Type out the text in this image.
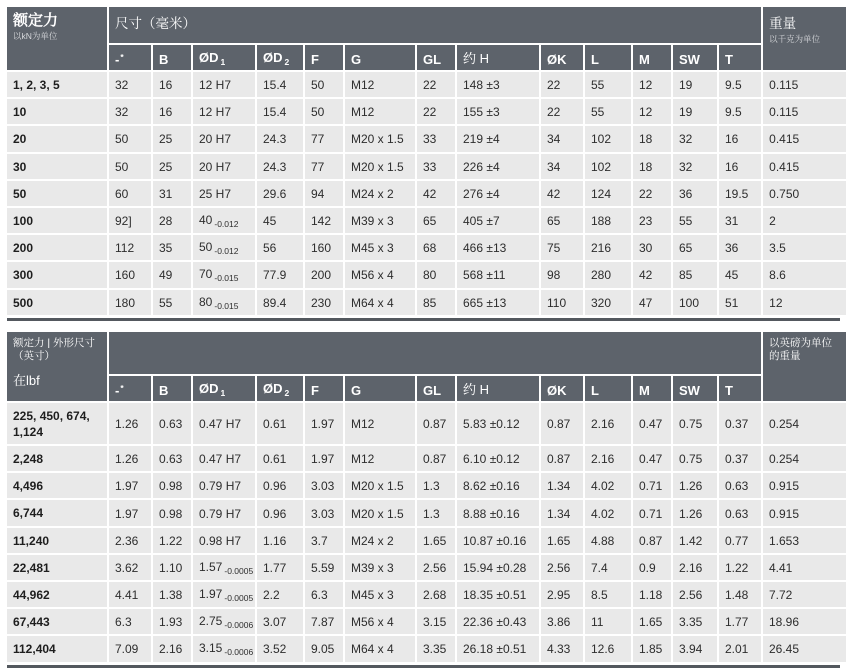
额定力
以kN为单位

尺寸（毫米）	重量
以千克为单位

	-*	B	ØD $_1$	ØD $_2$	F	G	GL	约 H	ØK	L	M	SW	T	
1, 2, 3, 5	32	16	12 H7	15.4	50	M12	22	148 ±3	22	55	12	19	9.5	0.115
10	32	16	12 H7	15.4	50	M12	22	155 ±3	22	55	12	19	9.5	0.115
20	50	25	20 H7	24.3	77	M20 x 1.5	33	219 ±4	34	102	18	32	16	0.415
30	50	25	20 H7	24.3	77	M20 x 1.5	33	226 ±4	34	102	18	32	16	0.415
50	60	31	25 H7	29.6	94	M24 x 2	42	276 ±4	42	124	22	36	19.5	0.750
100	92]	28	40 $_{-0.012}$	45	142	M39 x 3	65	405 ±7	65	188	23	55	31	2
200	112	35	50 $_{-0.012}$	56	160	M45 x 3	68	466 ±13	75	216	30	65	36	3.5
300	160	49	70 $_{-0.015}$	77.9	200	M56 x 4	80	568 ±11	98	280	42	85	45	8.6
500	180	55	80 $_{-0.015}$	89.4	230	M64 x 4	85	665 ±13	110	320	47	100	51	12
额定力 | 外形尺寸（英寸）
在lbf														以英磅为单位的重量

	-*	B	ØD $_1$	ØD $_2$	F	G	GL	约 H	ØK	L	M	SW	T	
225, 450, 674, 1,124	1.26	0.63	0.47 H7	0.61	1.97	M12	0.87	5.83 ±0.12	0.87	2.16	0.47	0.75	0.37	0.254
2,248	1.26	0.63	0.47 H7	0.61	1.97	M12	0.87	6.10 ±0.12	0.87	2.16	0.47	0.75	0.37	0.254
4,496	1.97	0.98	0.79 H7	0.96	3.03	M20 x 1.5	1.3	8.62 ±0.16	1.34	4.02	0.71	1.26	0.63	0.915
6,744	1.97	0.98	0.79 H7	0.96	3.03	M20 x 1.5	1.3	8.88 ±0.16	1.34	4.02	0.71	1.26	0.63	0.915
11,240	2.36	1.22	0.98 H7	1.16	3.7	M24 x 2	1.65	10.87 ±0.16	1.65	4.88	0.87	1.42	0.77	1.653
22,481	3.62	1.10	1.57 $_{-0.0005}$	1.77	5.59	M39 x 3	2.56	15.94 ±0.28	2.56	7.4	0.9	2.16	1.22	4.41
44,962	4.41	1.38	1.97 $_{-0.0005}$	2.2	6.3	M45 x 3	2.68	18.35 ±0.51	2.95	8.5	1.18	2.56	1.48	7.72
67,443	6.3	1.93	2.75 $_{-0.0006}$	3.07	7.87	M56 x 4	3.15	22.36 ±0.43	3.86	11	1.65	3.35	1.77	18.96
112,404	7.09	2.16	3.15 $_{-0.0006}$	3.52	9.05	M64 x 4	3.35	26.18 ±0.51	4.33	12.6	1.85	3.94	2.01	26.45
